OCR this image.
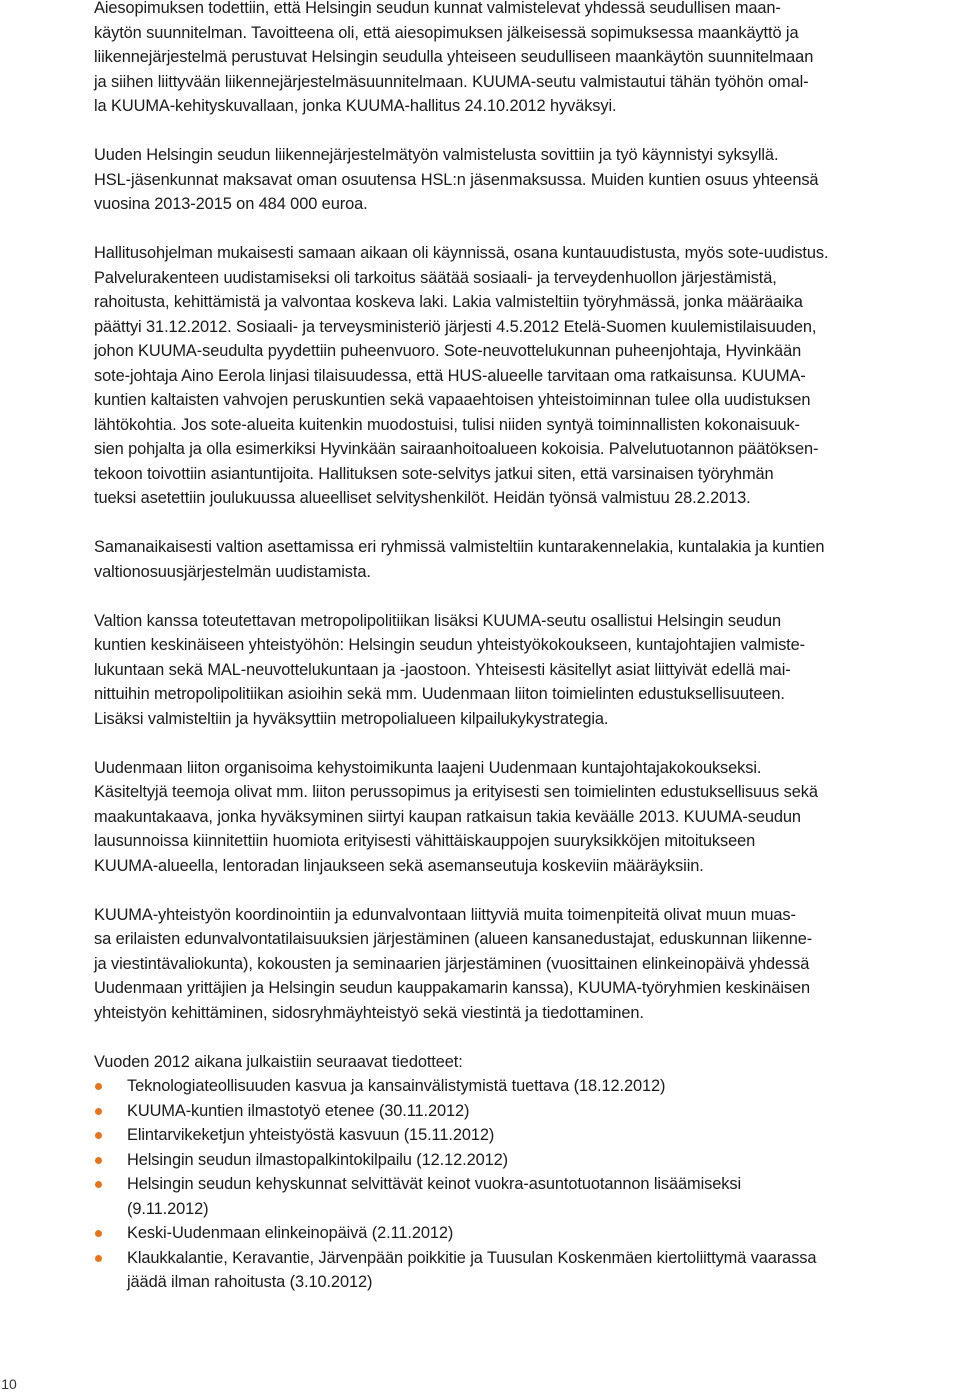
Aiesopimuksen todettiin, että Helsingin seudun kunnat valmistelevat yhdessä seudullisen maan-
käytön suunnitelman. Tavoitteena oli, että aiesopimuksen jälkeisessä sopimuksessa maankäyttö ja
liikennejärjestelmä perustuvat Helsingin seudulla yhteiseen seudulliseen maankäytön suunnitelmaan
ja siihen liittyvään liikennejärjestelmäsuunnitelmaan. KUUMA-seutu valmistautui tähän työhön omal-
la KUUMA-kehityskuvallaan, jonka KUUMA-hallitus 24.10.2012 hyväksyi.

Uuden Helsingin seudun liikennejärjestelmätyön valmistelusta sovittiin ja työ käynnistyi syksyllä.
HSL-jäsenkunnat maksavat oman osuutensa HSL:n jäsenmaksussa. Muiden kuntien osuus yhteensä
vuosina 2013-2015 on 484 000 euroa.

Hallitusohjelman mukaisesti samaan aikaan oli käynnissä, osana kuntauudistusta, myös sote-uudistus.
Palvelurakenteen uudistamiseksi oli tarkoitus säätää sosiaali- ja terveydenhuollon järjestämistä,
rahoitusta, kehittämistä ja valvontaa koskeva laki. Lakia valmisteltiin työryhmässä, jonka määräaika
päättyi 31.12.2012. Sosiaali- ja terveysministeriö järjesti 4.5.2012 Etelä-Suomen kuulemistilaisuuden,
johon KUUMA-seudulta pyydettiin puheenvuoro. Sote-neuvottelukunnan puheenjohtaja, Hyvinkään
sote-johtaja Aino Eerola linjasi tilaisuudessa, että HUS-alueelle tarvitaan oma ratkaisunsa. KUUMA-
kuntien kaltaisten vahvojen peruskuntien sekä vapaaehtoisen yhteistoiminnan tulee olla uudistuksen
lähtökohtia. Jos sote-alueita kuitenkin muodostuisi, tulisi niiden syntyä toiminnallisten kokonaisuuk-
sien pohjalta ja olla esimerkiksi Hyvinkään sairaanhoitoalueen kokoisia. Palvelutuotannon päätöksen-
tekoon toivottiin asiantuntijoita. Hallituksen sote-selvitys jatkui siten, että varsinaisen työryhmän
tueksi asetettiin joulukuussa alueelliset selvityshenkilöt. Heidän työnsä valmistuu 28.2.2013.

Samanaikaisesti valtion asettamissa eri ryhmissä valmisteltiin kuntarakennelakia, kuntalakia ja kuntien
valtionosuusjärjestelmän uudistamista.

Valtion kanssa toteutettavan metropolipolitiikan lisäksi KUUMA-seutu osallistui Helsingin seudun
kuntien keskinäiseen yhteistyöhön: Helsingin seudun yhteistyökokoukseen, kuntajohtajien valmiste-
lukuntaan sekä MAL-neuvottelukuntaan ja -jaostoon. Yhteisesti käsitellyt asiat liittyivät edellä mai-
nittuihin metropolipolitiikan asioihin sekä mm. Uudenmaan liiton toimielinten edustuksellisuuteen.
Lisäksi valmisteltiin ja hyväksyttiin metropolialueen kilpailukykystrategia.

Uudenmaan liiton organisoima kehystoimikunta laajeni Uudenmaan kuntajohtajakokoukseksi.
Käsiteltyjä teemoja olivat mm. liiton perussopimus ja erityisesti sen toimielinten edustuksellisuus sekä
maakuntakaava, jonka hyväksyminen siirtyi kaupan ratkaisun takia keväälle 2013. KUUMA-seudun
lausunnoissa kiinnitettiin huomiota erityisesti vähittäiskauppojen suuryksikköjen mitoitukseen
KUUMA-alueella, lentoradan linjaukseen sekä asemanseutuja koskeviin määräyksiin.

KUUMA-yhteistyön koordinointiin ja edunvalvontaan liittyviä muita toimenpiteitä olivat muun muas-
sa erilaisten edunvalvontatilaisuuksien järjestäminen (alueen kansanedustajat, eduskunnan liikenne-
ja viestintävaliokunta), kokousten ja seminaarien järjestäminen (vuosittainen elinkeinopäivä yhdessä
Uudenmaan yrittäjien ja Helsingin seudun kauppakamarin kanssa), KUUMA-työryhmien keskinäisen
yhteistyön kehittäminen, sidosryhmäyhteistyö sekä viestintä ja tiedottaminen.

Vuoden 2012 aikana julkaistiin seuraavat tiedotteet:

Teknologiateollisuuden kasvua ja kansainvälistymistä tuettava (18.12.2012)
KUUMA-kuntien ilmastotyö etenee (30.11.2012)
Elintarvikeketjun yhteistyöstä kasvuun (15.11.2012)
Helsingin seudun ilmastopalkintokilpailu (12.12.2012)
Helsingin seudun kehyskunnat selvittävät keinot vuokra-asuntotuotannon lisäämiseksi
(9.11.2012)
Keski-Uudenmaan elinkeinopäivä (2.11.2012)
Klaukkalantie, Keravantie, Järvenpään poikkitie ja Tuusulan Koskenmäen kiertoliittymä vaarassa
jäädä ilman rahoitusta (3.10.2012)
10
